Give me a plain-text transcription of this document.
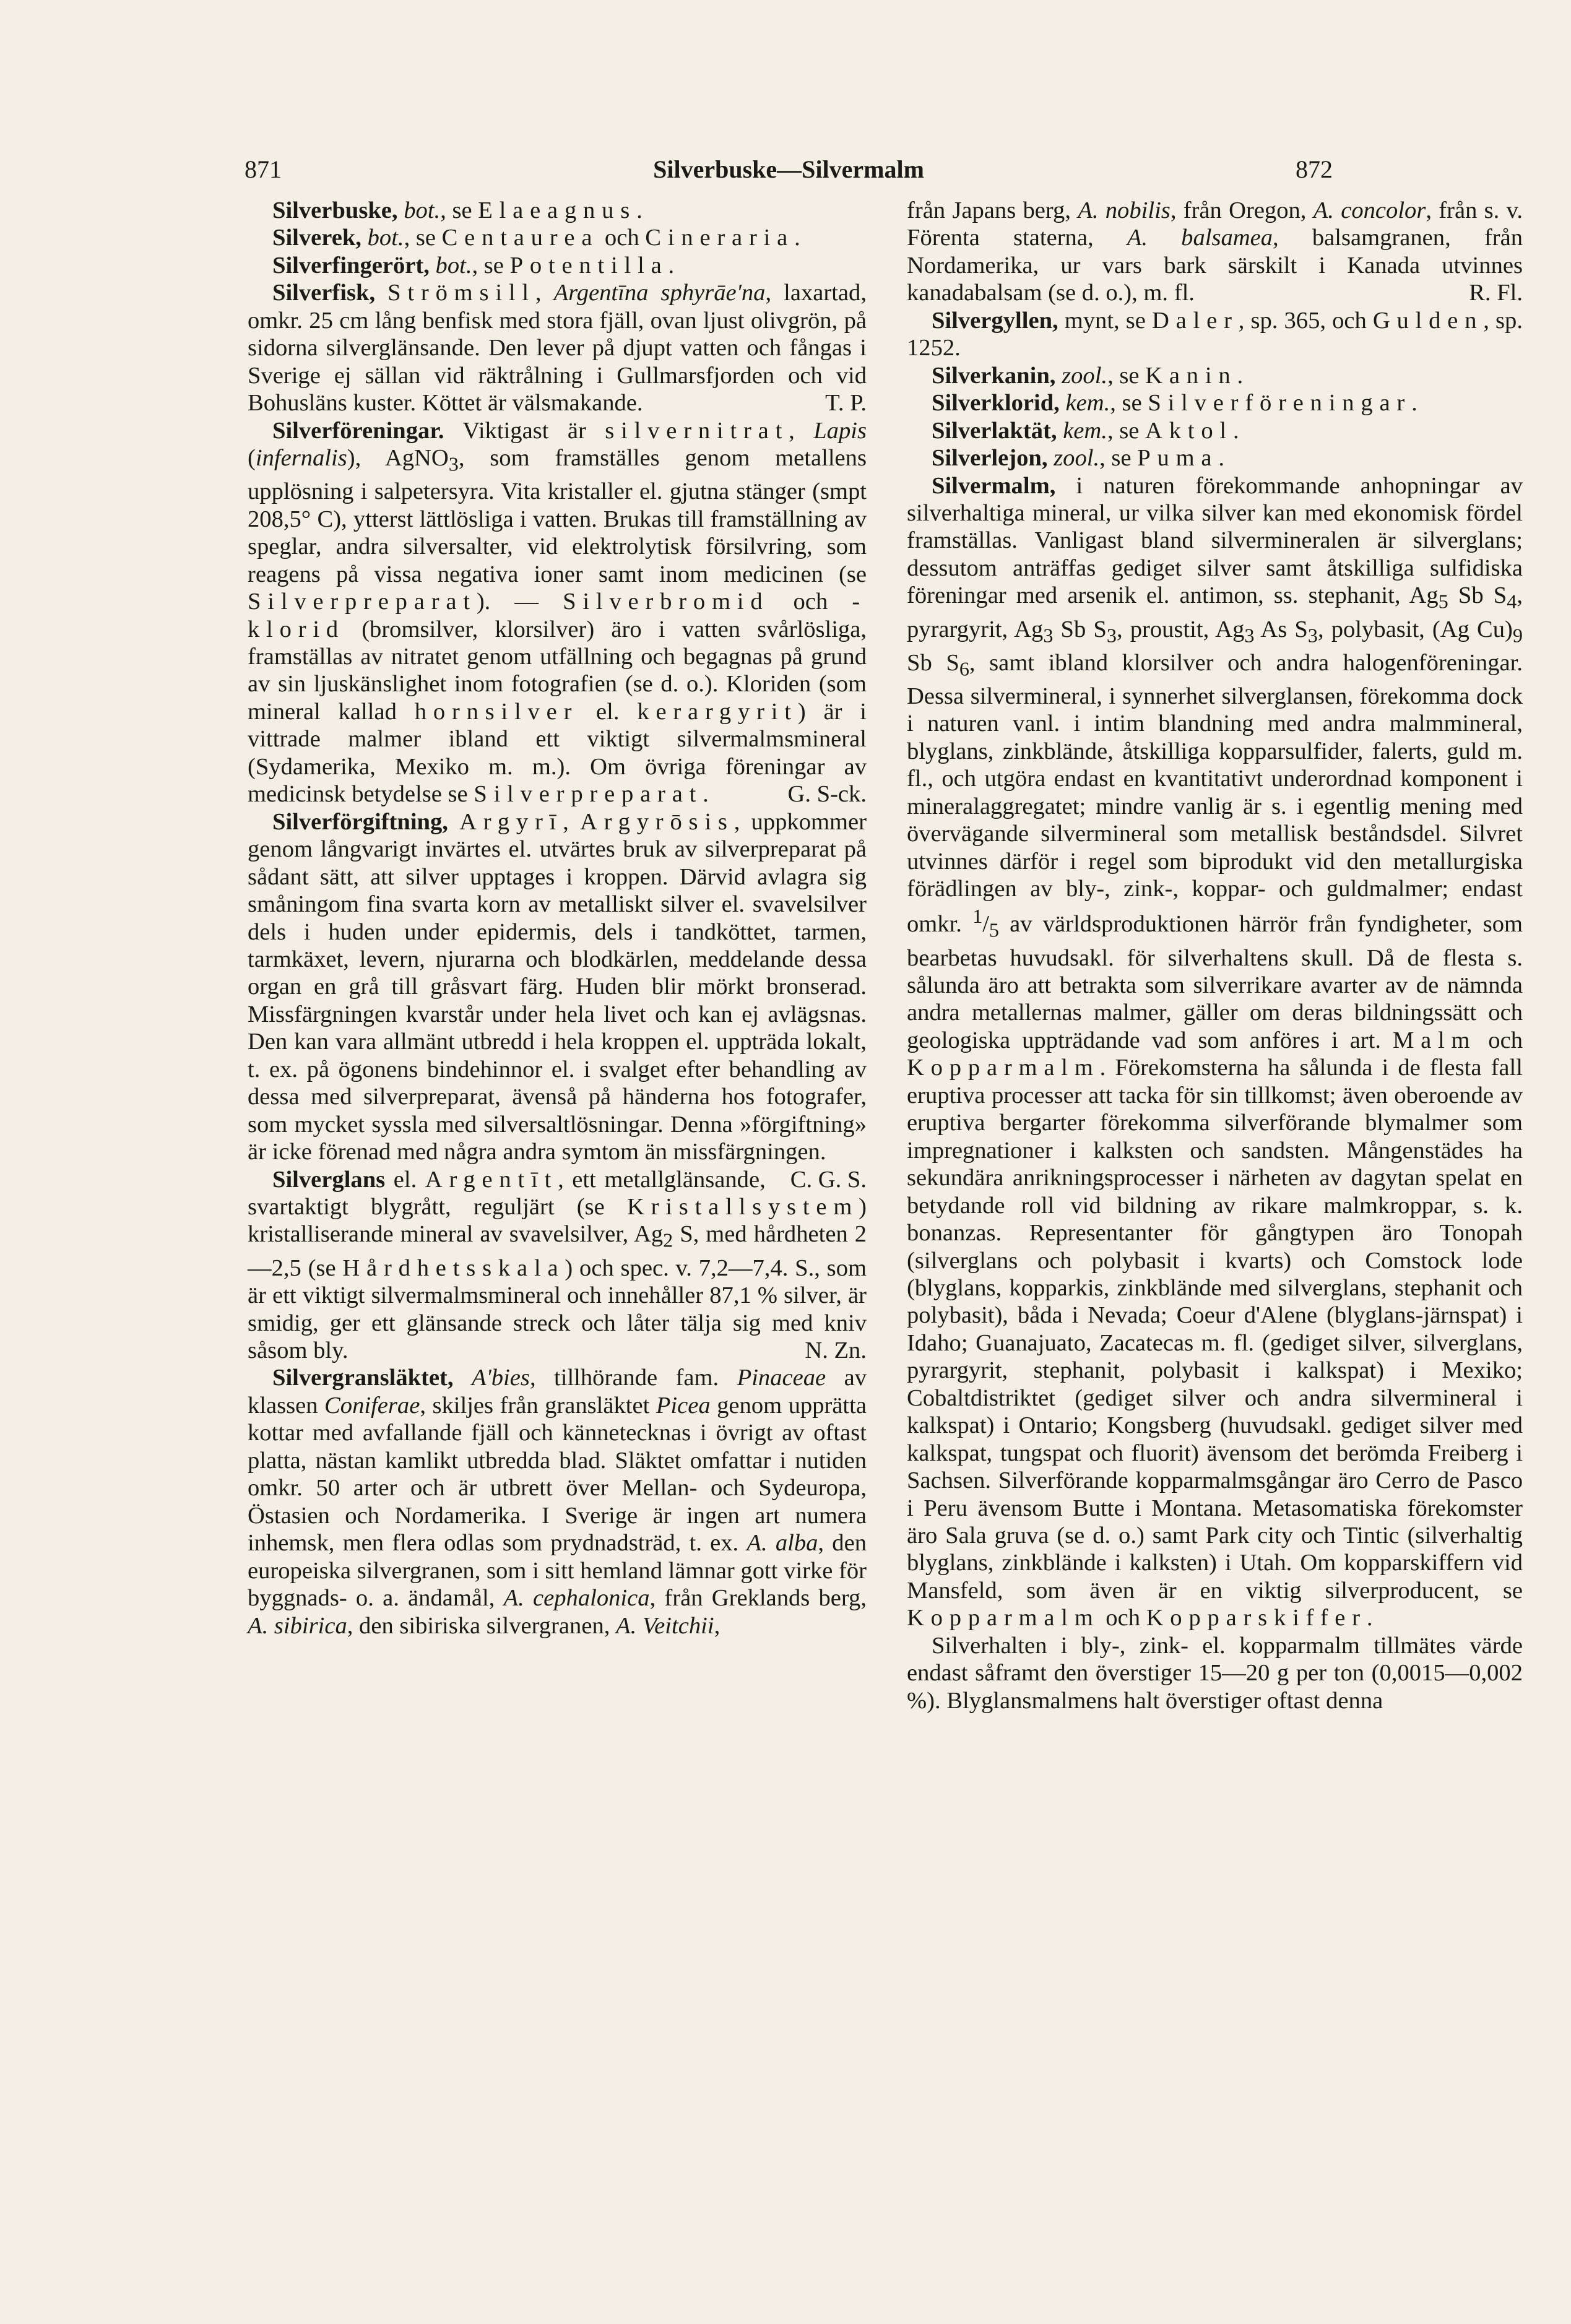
871	Silverbuske—Silvermalm	872

Silverbuske, bot., se Elaeagnus.

Silverek, bot., se Centaurea och Cineraria.

Silverfingerört, bot., se Potentilla.

Silverfisk, Strömsill, Argentīna sphyrāe'na, laxartad, omkr. 25 cm lång benfisk med stora fjäll, ovan ljust olivgrön, på sidorna silverglänsande. Den lever på djupt vatten och fångas i Sverige ej sällan vid räktrålning i Gullmarsfjorden och vid Bohusläns kuster. Köttet är välsmakande.	T. P.

Silverföreningar. Viktigast är silvernitrat, Lapis (infernalis), AgNO$_3$, som framställes genom metallens upplösning i salpetersyra. Vita kristaller el. gjutna stänger (smpt 208,5° C), ytterst lättlösliga i vatten. Brukas till framställning av speglar, andra silversalter, vid elektrolytisk försilvring, som reagens på vissa negativa ioner samt inom medicinen (se Silverpreparat). — Silverbromid och -klorid (bromsilver, klorsilver) äro i vatten svårlösliga, framställas av nitratet genom utfällning och begagnas på grund av sin ljuskänslighet inom fotografien (se d. o.). Kloriden (som mineral kallad hornsilver el. kerargyrit) är i vittrade malmer ibland ett viktigt silvermalmsmineral (Sydamerika, Mexiko m. m.). Om övriga föreningar av medicinsk betydelse se Silverpreparat.	G. S-ck.

Silverförgiftning, Argyrī, Argyrōsis, uppkommer genom långvarigt invärtes el. utvärtes bruk av silverpreparat på sådant sätt, att silver upptages i kroppen. Därvid avlagra sig småningom fina svarta korn av metalliskt silver el. svavelsilver dels i huden under epidermis, dels i tandköttet, tarmen, tarmkäxet, levern, njurarna och blodkärlen, meddelande dessa organ en grå till gråsvart färg. Huden blir mörkt bronserad. Missfärgningen kvarstår under hela livet och kan ej avlägsnas. Den kan vara allmänt utbredd i hela kroppen el. uppträda lokalt, t. ex. på ögonens bindehinnor el. i svalget efter behandling av dessa med silverpreparat, ävenså på händerna hos fotografer, som mycket syssla med silversaltlösningar. Denna »förgiftning» är icke förenad med några andra symtom än missfärgningen.
C. G. S.

Silverglans el. Argentīt, ett metallglänsande, svartaktigt blygrått, reguljärt (se Kristallsystem) kristalliserande mineral av svavelsilver, $Ag_2$ S, med hårdheten 2—2,5 (se Hårdhetsskala) och spec. v. 7,2—7,4. S., som är ett viktigt silvermalmsmineral och innehåller 87,1 % silver, är smidig, ger ett glänsande streck och låter tälja sig med kniv såsom bly.	N. Zn.

Silvergransläktet, A'bies, tillhörande fam. Pinaceae av klassen Coniferae, skiljes från gransläktet Picea genom upprätta kottar med avfallande fjäll och kännetecknas i övrigt av oftast platta, nästan kamlikt utbredda blad. Släktet omfattar i nutiden omkr. 50 arter och är utbrett över Mellan- och Sydeuropa, Östasien och Nordamerika. I Sverige är ingen art numera inhemsk, men flera odlas som prydnadsträd, t. ex. A. alba, den europeiska silvergranen, som i sitt hemland lämnar gott virke för byggnads- o. a. ändamål, A. cephalonica, från Greklands berg, A. sibirica, den sibiriska silvergranen, A. Veitchii,

från Japans berg, A. nobilis, från Oregon, A. concolor, från s. v. Förenta staterna, A. balsamea, balsamgranen, från Nordamerika, ur vars bark särskilt i Kanada utvinnes kanadabalsam (se d. o.), m. fl.	R. Fl.

Silvergyllen, mynt, se Daler, sp. 365, och Gulden, sp. 1252.

Silverkanin, zool., se Kanin.

Silverklorid, kem., se Silverföreningar.

Silverlaktät, kem., se Aktol.

Silverlejon, zool., se Puma.

Silvermalm, i naturen förekommande anhopningar av silverhaltiga mineral, ur vilka silver kan med ekonomisk fördel framställas. Vanligast bland silvermineralen är silverglans; dessutom anträffas gediget silver samt åtskilliga sulfidiska föreningar med arsenik el. antimon, ss. stephanit, $Ag_5$ Sb $S_4$, pyrargyrit, $Ag_3$ Sb $S_3$, proustit, $Ag_3$ As $S_3$, polybasit, (Ag $Cu)_9$ Sb $S_6$, samt ibland klorsilver och andra halogenföreningar. Dessa silvermineral, i synnerhet silverglansen, förekomma dock i naturen vanl. i intim blandning med andra malmmineral, blyglans, zinkblände, åtskilliga kopparsulfider, falerts, guld m. fl., och utgöra endast en kvantitativt underordnad komponent i mineralaggregatet; mindre vanlig är s. i egentlig mening med övervägande silvermineral som metallisk beståndsdel. Silvret utvinnes därför i regel som biprodukt vid den metallurgiska förädlingen av bly-, zink-, koppar- och guldmalmer; endast omkr. $^1/_5$ av världsproduktionen härrör från fyndigheter, som bearbetas huvudsakl. för silverhaltens skull. Då de flesta s. sålunda äro att betrakta som silverrikare avarter av de nämnda andra metallernas malmer, gäller om deras bildningssätt och geologiska uppträdande vad som anföres i art. Malm och Kopparmalm. Förekomsterna ha sålunda i de flesta fall eruptiva processer att tacka för sin tillkomst; även oberoende av eruptiva bergarter förekomma silverförande blymalmer som impregnationer i kalksten och sandsten. Mångenstädes ha sekundära anrikningsprocesser i närheten av dagytan spelat en betydande roll vid bildning av rikare malmkroppar, s. k. bonanzas. Representanter för gångtypen äro Tonopah (silverglans och polybasit i kvarts) och Comstock lode (blyglans, kopparkis, zinkblände med silverglans, stephanit och polybasit), båda i Nevada; Coeur d'Alene (blyglans-järnspat) i Idaho; Guanajuato, Zacatecas m. fl. (gediget silver, silverglans, pyrargyrit, stephanit, polybasit i kalkspat) i Mexiko; Cobaltdistriktet (gediget silver och andra silvermineral i kalkspat) i Ontario; Kongsberg (huvudsakl. gediget silver med kalkspat, tungspat och fluorit) ävensom det berömda Freiberg i Sachsen. Silverförande kopparmalmsgångar äro Cerro de Pasco i Peru ävensom Butte i Montana. Metasomatiska förekomster äro Sala gruva (se d. o.) samt Park city och Tintic (silverhaltig blyglans, zinkblände i kalksten) i Utah. Om kopparskiffern vid Mansfeld, som även är en viktig silverproducent, se Kopparmalm och Kopparskiffer.

Silverhalten i bly-, zink- el. kopparmalm tillmätes värde endast såframt den överstiger 15—20 g per ton (0,0015—0,002 %). Blyglansmalmens halt överstiger oftast denna
